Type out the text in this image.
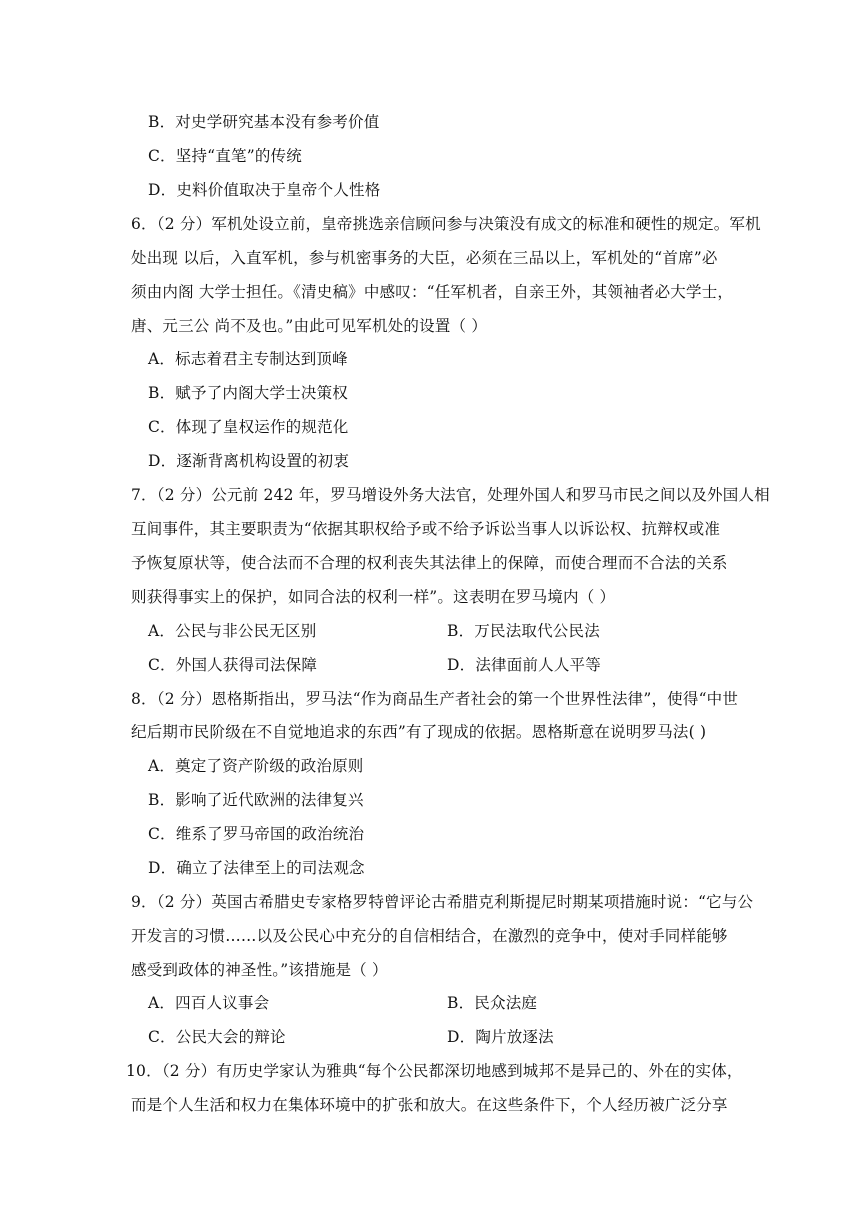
B．对史学研究基本没有参考价值
C．坚持“直笔”的传统
D．史料价值取决于皇帝个人性格
6．（2 分）军机处设立前，皇帝挑选亲信顾问参与决策没有成文的标准和硬性的规定。军机
处出现 以后，入直军机，参与机密事务的大臣，必须在三品以上，军机处的“首席”必
须由内阁 大学士担任。《清史稿》中感叹：“任军机者，自亲王外，其领袖者必大学士，
唐、元三公 尚不及也。”由此可见军机处的设置（ ）
A．标志着君主专制达到顶峰
B．赋予了内阁大学士决策权
C．体现了皇权运作的规范化
D．逐渐背离机构设置的初衷
7．（2 分）公元前 242 年，罗马增设外务大法官，处理外国人和罗马市民之间以及外国人相
互间事件，其主要职责为“依据其职权给予或不给予诉讼当事人以诉讼权、抗辩权或准
予恢复原状等，使合法而不合理的权利丧失其法律上的保障，而使合理而不合法的关系
则获得事实上的保护，如同合法的权利一样”。这表明在罗马境内（ ）
A．公民与非公民无区别	B．万民法取代公民法
C．外国人获得司法保障	D．法律面前人人平等
8．（2 分）恩格斯指出，罗马法“作为商品生产者社会的第一个世界性法律”，使得“中世
纪后期市民阶级在不自觉地追求的东西”有了现成的依据。恩格斯意在说明罗马法( )
A．奠定了资产阶级的政治原则
B．影响了近代欧洲的法律复兴
C．维系了罗马帝国的政治统治
D．确立了法律至上的司法观念
9．（2 分）英国古希腊史专家格罗特曾评论古希腊克利斯提尼时期某项措施时说：“它与公
开发言的习惯……以及公民心中充分的自信相结合，在激烈的竞争中，使对手同样能够
感受到政体的神圣性。”该措施是（ ）
A．四百人议事会	B．民众法庭
C．公民大会的辩论	D．陶片放逐法
10．（2 分）有历史学家认为雅典“每个公民都深切地感到城邦不是异己的、外在的实体，
而是个人生活和权力在集体环境中的扩张和放大。在这些条件下，个人经历被广泛分享
